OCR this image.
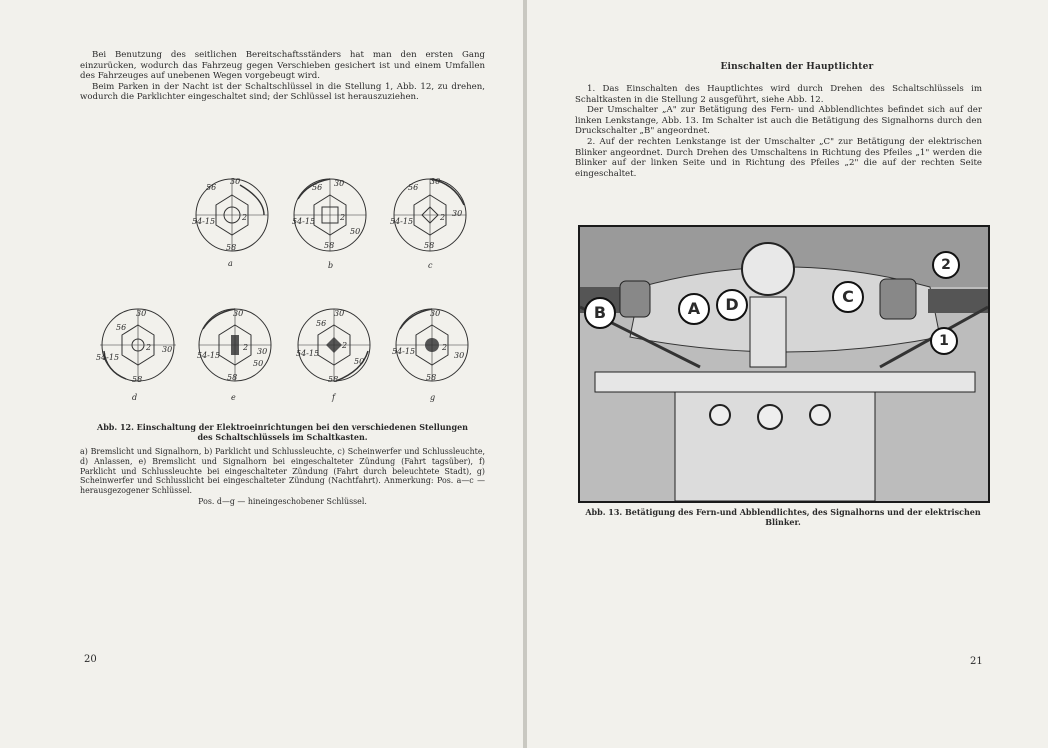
Bei Benutzung des seitlichen Bereitschaftsständers hat man den ersten Gang einzurücken, wodurch das Fahrzeug gegen Verschieben gesichert ist und einem Umfallen des Fahrzeuges auf unebenen Wegen vorgebeugt wird.

Beim Parken in der Nacht ist der Schaltschlüssel in die Stellung 1, Abb. 12, zu drehen, wodurch die Parklichter eingeschaltet sind; der Schlüssel ist herauszuziehen.

56
30
54-15	2
58
a
56 30
54-15	2
58
50
b
56
30
54-15	2
58
30
c
56
30
54-15
2
58
30
d
30
54-15
2
58
50
30
e
56
30
54-15
2
58
50
f
30
54-15	2
58
30
g
Abb. 12. Einschaltung der Elektroeinrichtungen bei den verschiedenen Stellungen
des Schaltschlüssels im Schaltkasten.

a) Bremslicht und Signalhorn, b) Parklicht und Schlussleuchte, c) Scheinwerfer und Schlussleuchte, d) Anlassen, e) Bremslicht und Signalhorn bei eingeschalteter Zündung (Fahrt tagsüber), f) Parklicht und Schlussleuchte bei eingeschalteter Zündung (Fahrt durch beleuchtete Stadt), g) Scheinwerfer und Schlusslicht bei eingeschalteter Zündung (Nachtfahrt). Anmerkung: Pos. a—c — herausgezogener Schlüssel.

Pos. d—g — hineingeschobener Schlüssel.
20
Einschalten der Hauptlichter

1. Das Einschalten des Hauptlichtes wird durch Drehen des Schaltschlüssels im Schaltkasten in die Stellung 2 ausgeführt, siehe Abb. 12.

Der Umschalter „A" zur Betätigung des Fern- und Abblendlichtes befindet sich auf der linken Lenkstange, Abb. 13. Im Schalter ist auch die Betätigung des Signalhorns durch den Druckschalter „B" angeordnet.

2. Auf der rechten Lenkstange ist der Umschalter „C" zur Betätigung der elektrischen Blinker angeordnet. Durch Drehen des Umschaltens in Richtung des Pfeiles „1" werden die Blinker auf der linken Seite und in Richtung des Pfeiles „2" die auf der rechten Seite eingeschaltet.

B	A	D	C
2
1
Abb. 13. Betätigung des Fern-und Abblendlichtes, des Signalhorns und der elektrischen
Blinker.
21
